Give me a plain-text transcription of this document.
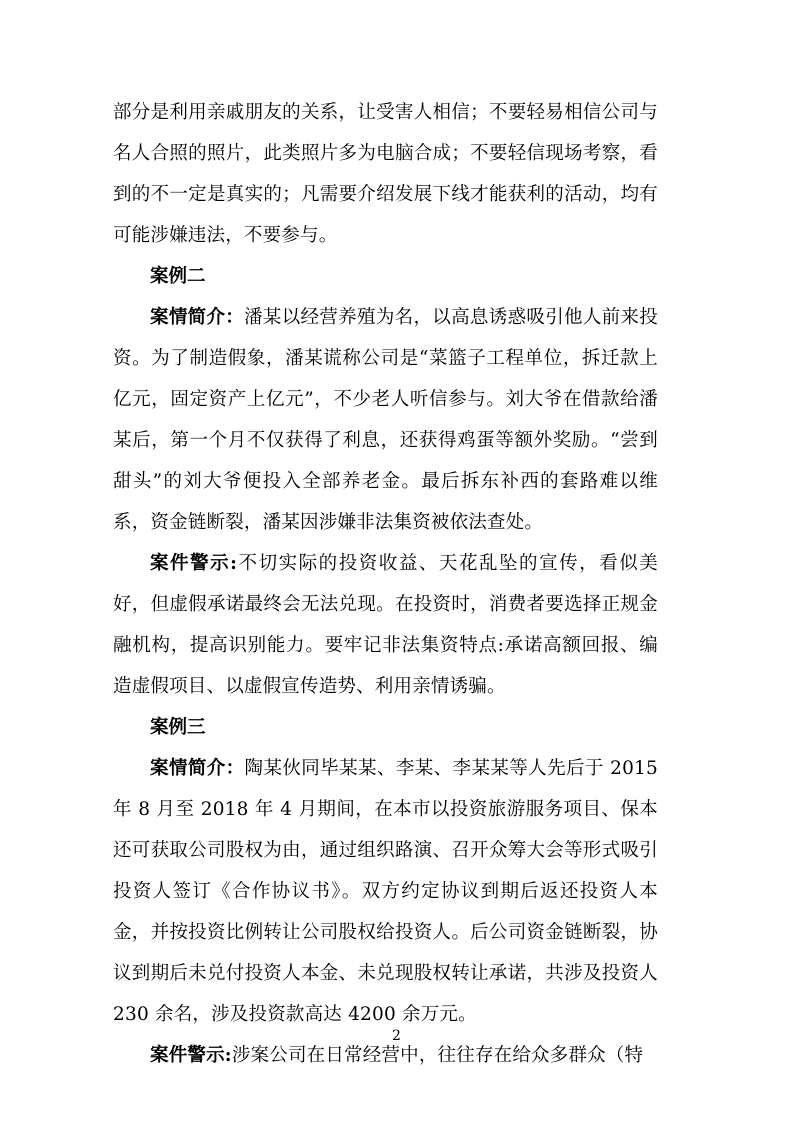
部分是利用亲戚朋友的关系，让受害人相信；不要轻易相信公司与名人合照的照片，此类照片多为电脑合成；不要轻信现场考察，看到的不一定是真实的；凡需要介绍发展下线才能获利的活动，均有可能涉嫌违法，不要参与。

案例二

案情简介：潘某以经营养殖为名，以高息诱惑吸引他人前来投资。为了制造假象，潘某谎称公司是“菜篮子工程单位，拆迁款上亿元，固定资产上亿元”，不少老人听信参与。刘大爷在借款给潘某后，第一个月不仅获得了利息，还获得鸡蛋等额外奖励。“尝到甜头”的刘大爷便投入全部养老金。最后拆东补西的套路难以维系，资金链断裂，潘某因涉嫌非法集资被依法查处。

案件警示:不切实际的投资收益、天花乱坠的宣传，看似美好，但虚假承诺最终会无法兑现。在投资时，消费者要选择正规金融机构，提高识别能力。要牢记非法集资特点:承诺高额回报、编造虚假项目、以虚假宣传造势、利用亲情诱骗。

案例三

案情简介：陶某伙同毕某某、李某、李某某等人先后于 2015 年 8 月至 2018 年 4 月期间，在本市以投资旅游服务项目、保本还可获取公司股权为由，通过组织路演、召开众筹大会等形式吸引投资人签订《合作协议书》。双方约定协议到期后返还投资人本金，并按投资比例转让公司股权给投资人。后公司资金链断裂，协议到期后未兑付投资人本金、未兑现股权转让承诺，共涉及投资人 230 余名，涉及投资款高达 4200 余万元。

案件警示:涉案公司在日常经营中，往往存在给众多群众（特

2
